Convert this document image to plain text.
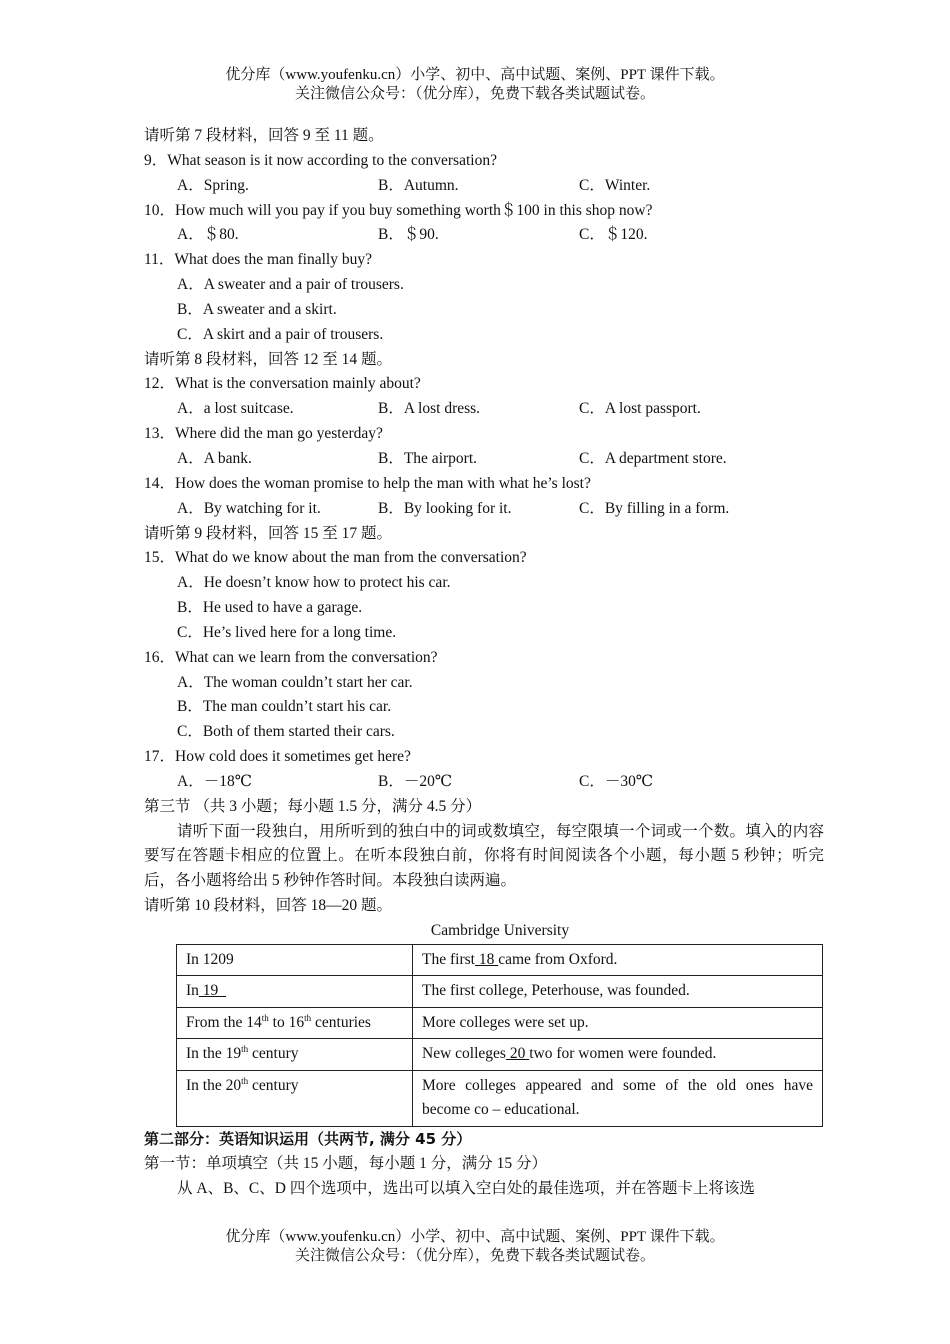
优分库（www.youfenku.cn）小学、初中、高中试题、案例、PPT 课件下载。
关注微信公众号：（优分库），免费下载各类试题试卷。
请听第 7 段材料，回答 9 至 11 题。
9．What season is it now according to the conversation?
A．Spring.	B．Autumn.	C．Winter.
10．How much will you pay if you buy something worth＄100 in this shop now?
A．＄80.	B．＄90.	C．＄120.
11．What does the man finally buy?
A．A sweater and a pair of trousers.
B．A sweater and a skirt.
C．A skirt and a pair of trousers.
请听第 8 段材料，回答 12 至 14 题。
12．What is the conversation mainly about?
A．a lost suitcase.	B．A lost dress.	C．A lost passport.
13．Where did the man go yesterday?
A．A bank.	B．The airport.	C．A department store.
14．How does the woman promise to help the man with what he’s lost?
A．By watching for it.	B．By looking for it.	C．By filling in a form.
请听第 9 段材料，回答 15 至 17 题。
15．What do we know about the man from the conversation?
A．He doesn’t know how to protect his car.
B．He used to have a garage.
C．He’s lived here for a long time.
16．What can we learn from the conversation?
A．The woman couldn’t start her car.
B．The man couldn’t start his car.
C．Both of them started their cars.
17．How cold does it sometimes get here?
A．－18℃	B．－20℃	C．－30℃
第三节 （共 3 小题；每小题 1.5 分，满分 4.5 分）
请听下面一段独白，用所听到的独白中的词或数填空，每空限填一个词或一个数。填入的内容要写在答题卡相应的位置上。在听本段独白前，你将有时间阅读各个小题，每小题 5 秒钟；听完后，各小题将给出 5 秒钟作答时间。本段独白读两遍。
请听第 10 段材料，回答 18—20 题。
Cambridge University
In 1209	The first 18 came from Oxford.
In 19	The first college, Peterhouse, was founded.
From the 14th to 16th centuries	More colleges were set up.
In the 19th century	New colleges 20 two for women were founded.
In the 20th century	More colleges appeared and some of the old ones have become co – educational.
第二部分：英语知识运用（共两节, 满分 45 分）
第一节：单项填空（共 15 小题，每小题 1 分，满分 15 分）
从 A、B、C、D 四个选项中，选出可以填入空白处的最佳选项，并在答题卡上将该选
优分库（www.youfenku.cn）小学、初中、高中试题、案例、PPT 课件下载。
关注微信公众号：（优分库），免费下载各类试题试卷。
